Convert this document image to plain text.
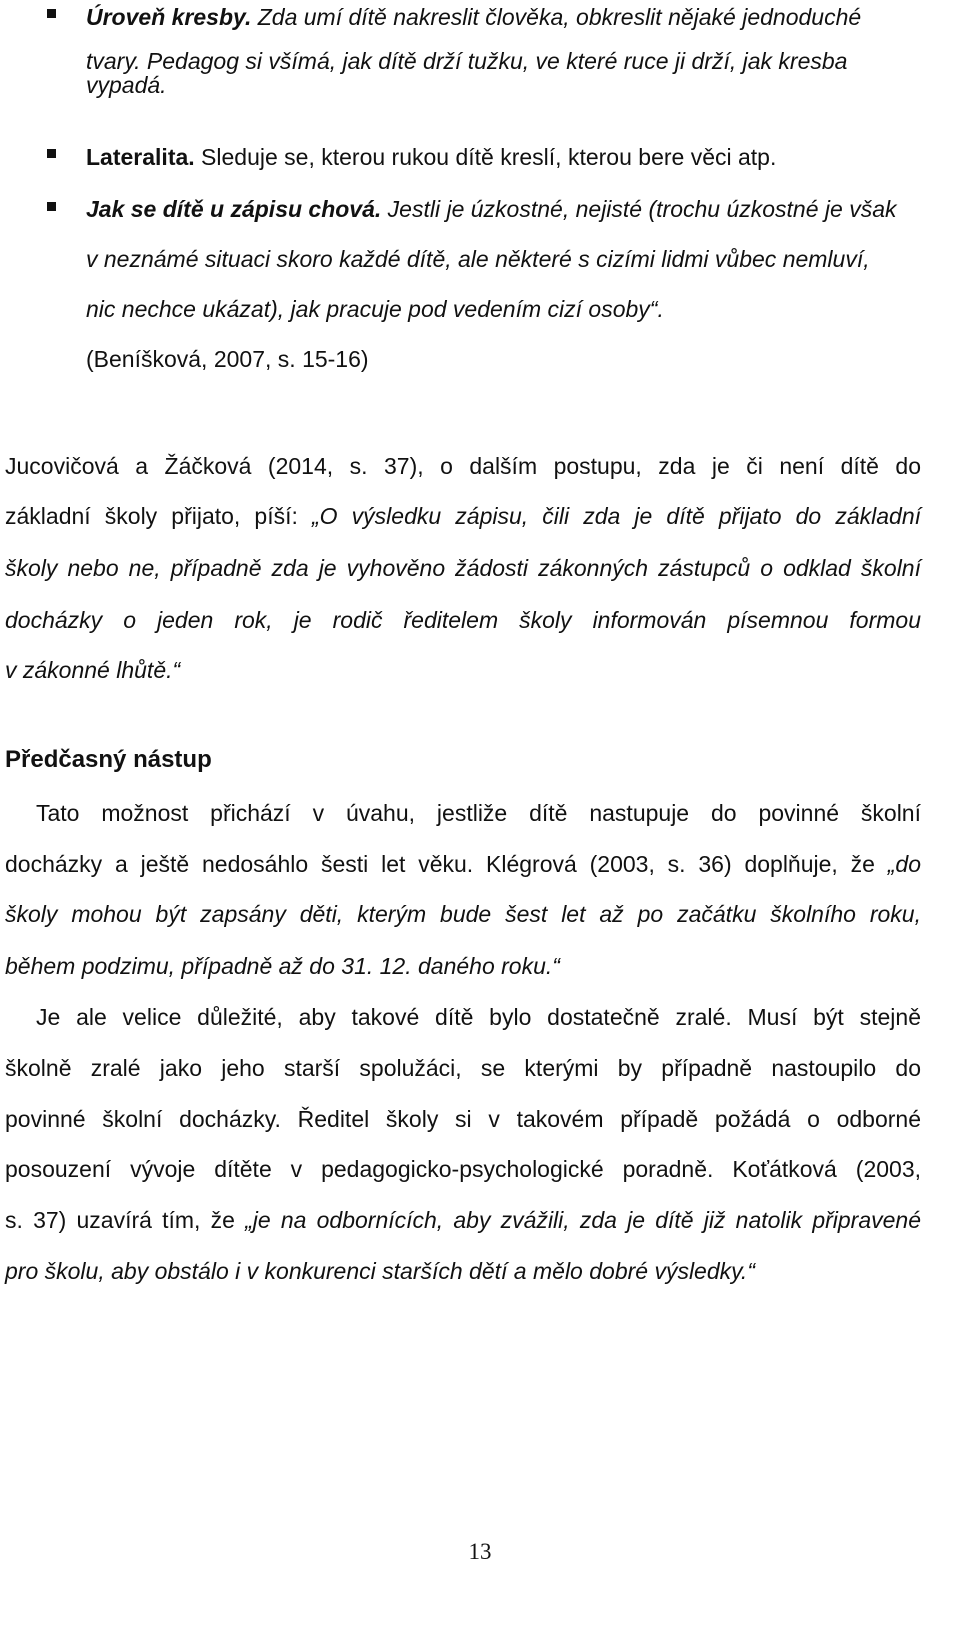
Úroveň kresby. Zda umí dítě nakreslit člověka, obkreslit nějaké jednoduché
tvary. Pedagog si všímá, jak dítě drží tužku, ve které ruce ji drží, jak kresba
vypadá.
Lateralita. Sleduje se, kterou rukou dítě kreslí, kterou bere věci atp.
Jak se dítě u zápisu chová. Jestli je úzkostné, nejisté (trochu úzkostné je však
v neznámé situaci skoro každé dítě, ale některé s cizími lidmi vůbec nemluví,
nic nechce ukázat), jak pracuje pod vedením cizí osoby“.
(Beníšková, 2007, s. 15-16)
Jucovičová a Žáčková (2014, s. 37), o dalším postupu, zda je či není dítě do
základní školy přijato, píší: „O výsledku zápisu, čili zda je dítě přijato do základní
školy nebo ne, případně zda je vyhověno žádosti zákonných zástupců o odklad školní
docházky o jeden rok, je rodič ředitelem školy informován písemnou formou
v zákonné lhůtě.“
Předčasný nástup
Tato možnost přichází v úvahu, jestliže dítě nastupuje do povinné školní
docházky a ještě nedosáhlo šesti let věku. Klégrová (2003, s. 36) doplňuje, že „do
školy mohou být zapsány děti, kterým bude šest let až po začátku školního roku,
během podzimu, případně až do 31. 12. daného roku.“
Je ale velice důležité, aby takové dítě bylo dostatečně zralé. Musí být stejně
školně zralé jako jeho starší spolužáci, se kterými by případně nastoupilo do
povinné školní docházky. Ředitel školy si v takovém případě požádá o odborné
posouzení vývoje dítěte v pedagogicko-psychologické poradně. Koťátková (2003,
s. 37) uzavírá tím, že „je na odbornících, aby zvážili, zda je dítě již natolik připravené
pro školu, aby obstálo i v konkurenci starších dětí a mělo dobré výsledky.“
13
